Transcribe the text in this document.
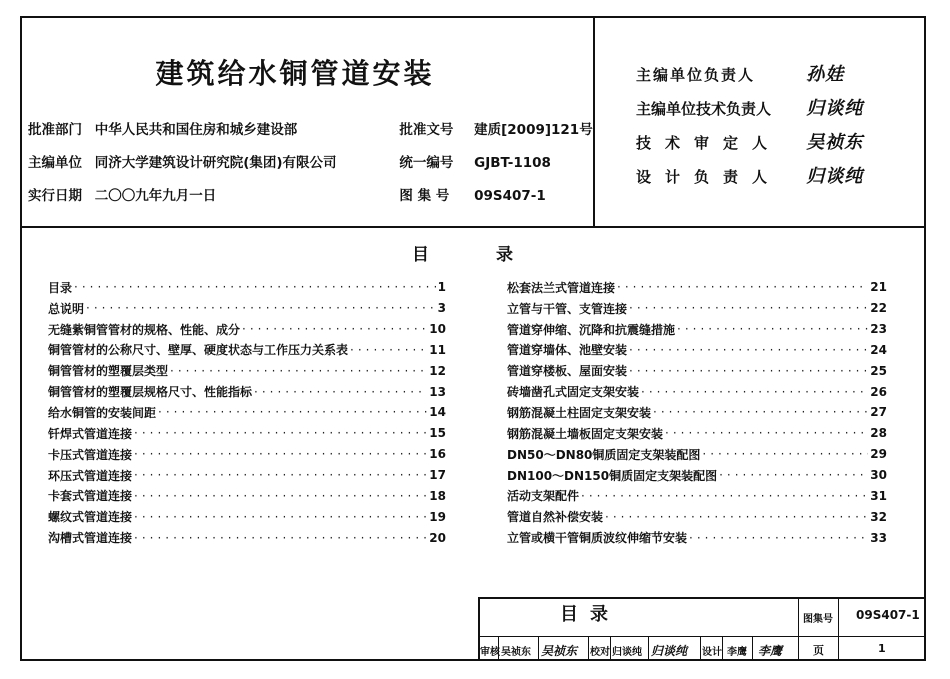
建筑给水铜管道安装
批准部门 中华人民共和国住房和城乡建设部	批准文号 建质[2009]121号
主编单位 同济大学建筑设计研究院(集团)有限公司	统一编号 GJBT-1108
实行日期 二〇〇九年九月一日	图 集 号 09S407-1
主编单位负责人	孙娃
主编单位技术负责人 归谈纯
技术审定人 吴祯东
设计负责人 归谈纯
目	录
目录 ·····	1
总说明 ·····	3
无缝紫铜管管材的规格、性能、成分 ·····	10
铜管管材的公称尺寸、壁厚、硬度状态与工作压力关系表 ·····	11
铜管管材的塑覆层类型 ·····	12
铜管管材的塑覆层规格尺寸、性能指标 ·····	13
给水铜管的安装间距 ·····	14
钎焊式管道连接 ·····	15
卡压式管道连接 ·····	16
环压式管道连接 ·····	17
卡套式管道连接 ·····	18
螺纹式管道连接 ·····	19
沟槽式管道连接 ·····	20
松套法兰式管道连接 ·····	21
立管与干管、支管连接 ·····	22
管道穿伸缩、沉降和抗震缝措施 ·····	23
管道穿墙体、池壁安装 ·····	24
管道穿楼板、屋面安装 ·····	25
砖墙凿孔式固定支架安装 ·····	26
钢筋混凝土柱固定支架安装 ·····	27
钢筋混凝土墙板固定支架安装 ·····	28
DN50～DN80铜质固定支架装配图 ·····	29
DN100～DN150铜质固定支架装配图 ·····	30
活动支架配件 ·····	31
管道自然补偿安装 ·····	32
立管或横干管铜质波纹伸缩节安装 ·····	33
目录	图集号 09S407-1
页	1
审核 吴祯东 吴祯东 校对 归谈纯 归谈纯 设计 李鹰 李鹰
